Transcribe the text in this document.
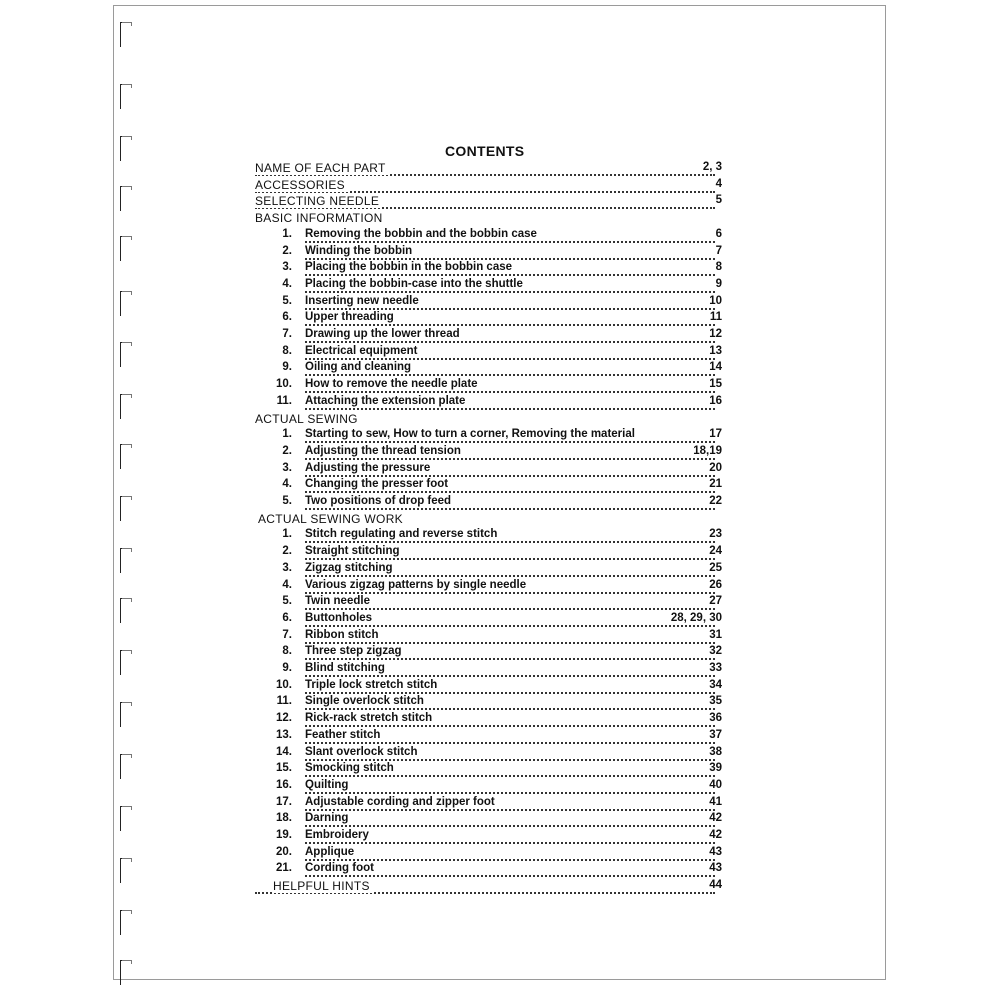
CONTENTS
NAME OF EACH PART	2, 3
ACCESSORIES	4
SELECTING NEEDLE	5
BASIC INFORMATION
1. Removing the bobbin and the bobbin case	6
2. Winding the bobbin	7
3. Placing the bobbin in the bobbin case	8
4. Placing the bobbin-case into the shuttle	9
5. Inserting new needle	10
6. Upper threading	11
7. Drawing up the lower thread	12
8. Electrical equipment	13
9. Oiling and cleaning	14
10. How to remove the needle plate	15
11. Attaching the extension plate	16
ACTUAL SEWING
1. Starting to sew, How to turn a corner, Removing the material	17
2. Adjusting the thread tension	18,19
3. Adjusting the pressure	20
4. Changing the presser foot	21
5. Two positions of drop feed	22
ACTUAL SEWING WORK
1. Stitch regulating and reverse stitch	23
2. Straight stitching	24
3. Zigzag stitching	25
4. Various zigzag patterns by single needle	26
5. Twin needle	27
6. Buttonholes	28, 29, 30
7. Ribbon stitch	31
8. Three step zigzag	32
9. Blind stitching	33
10. Triple lock stretch stitch	34
11. Single overlock stitch	35
12. Rick-rack stretch stitch	36
13. Feather stitch	37
14. Slant overlock stitch	38
15. Smocking stitch	39
16. Quilting	40
17. Adjustable cording and zipper foot	41
18. Darning	42
19. Embroidery	42
20. Applique	43
21. Cording foot	43
HELPFUL HINTS	44
